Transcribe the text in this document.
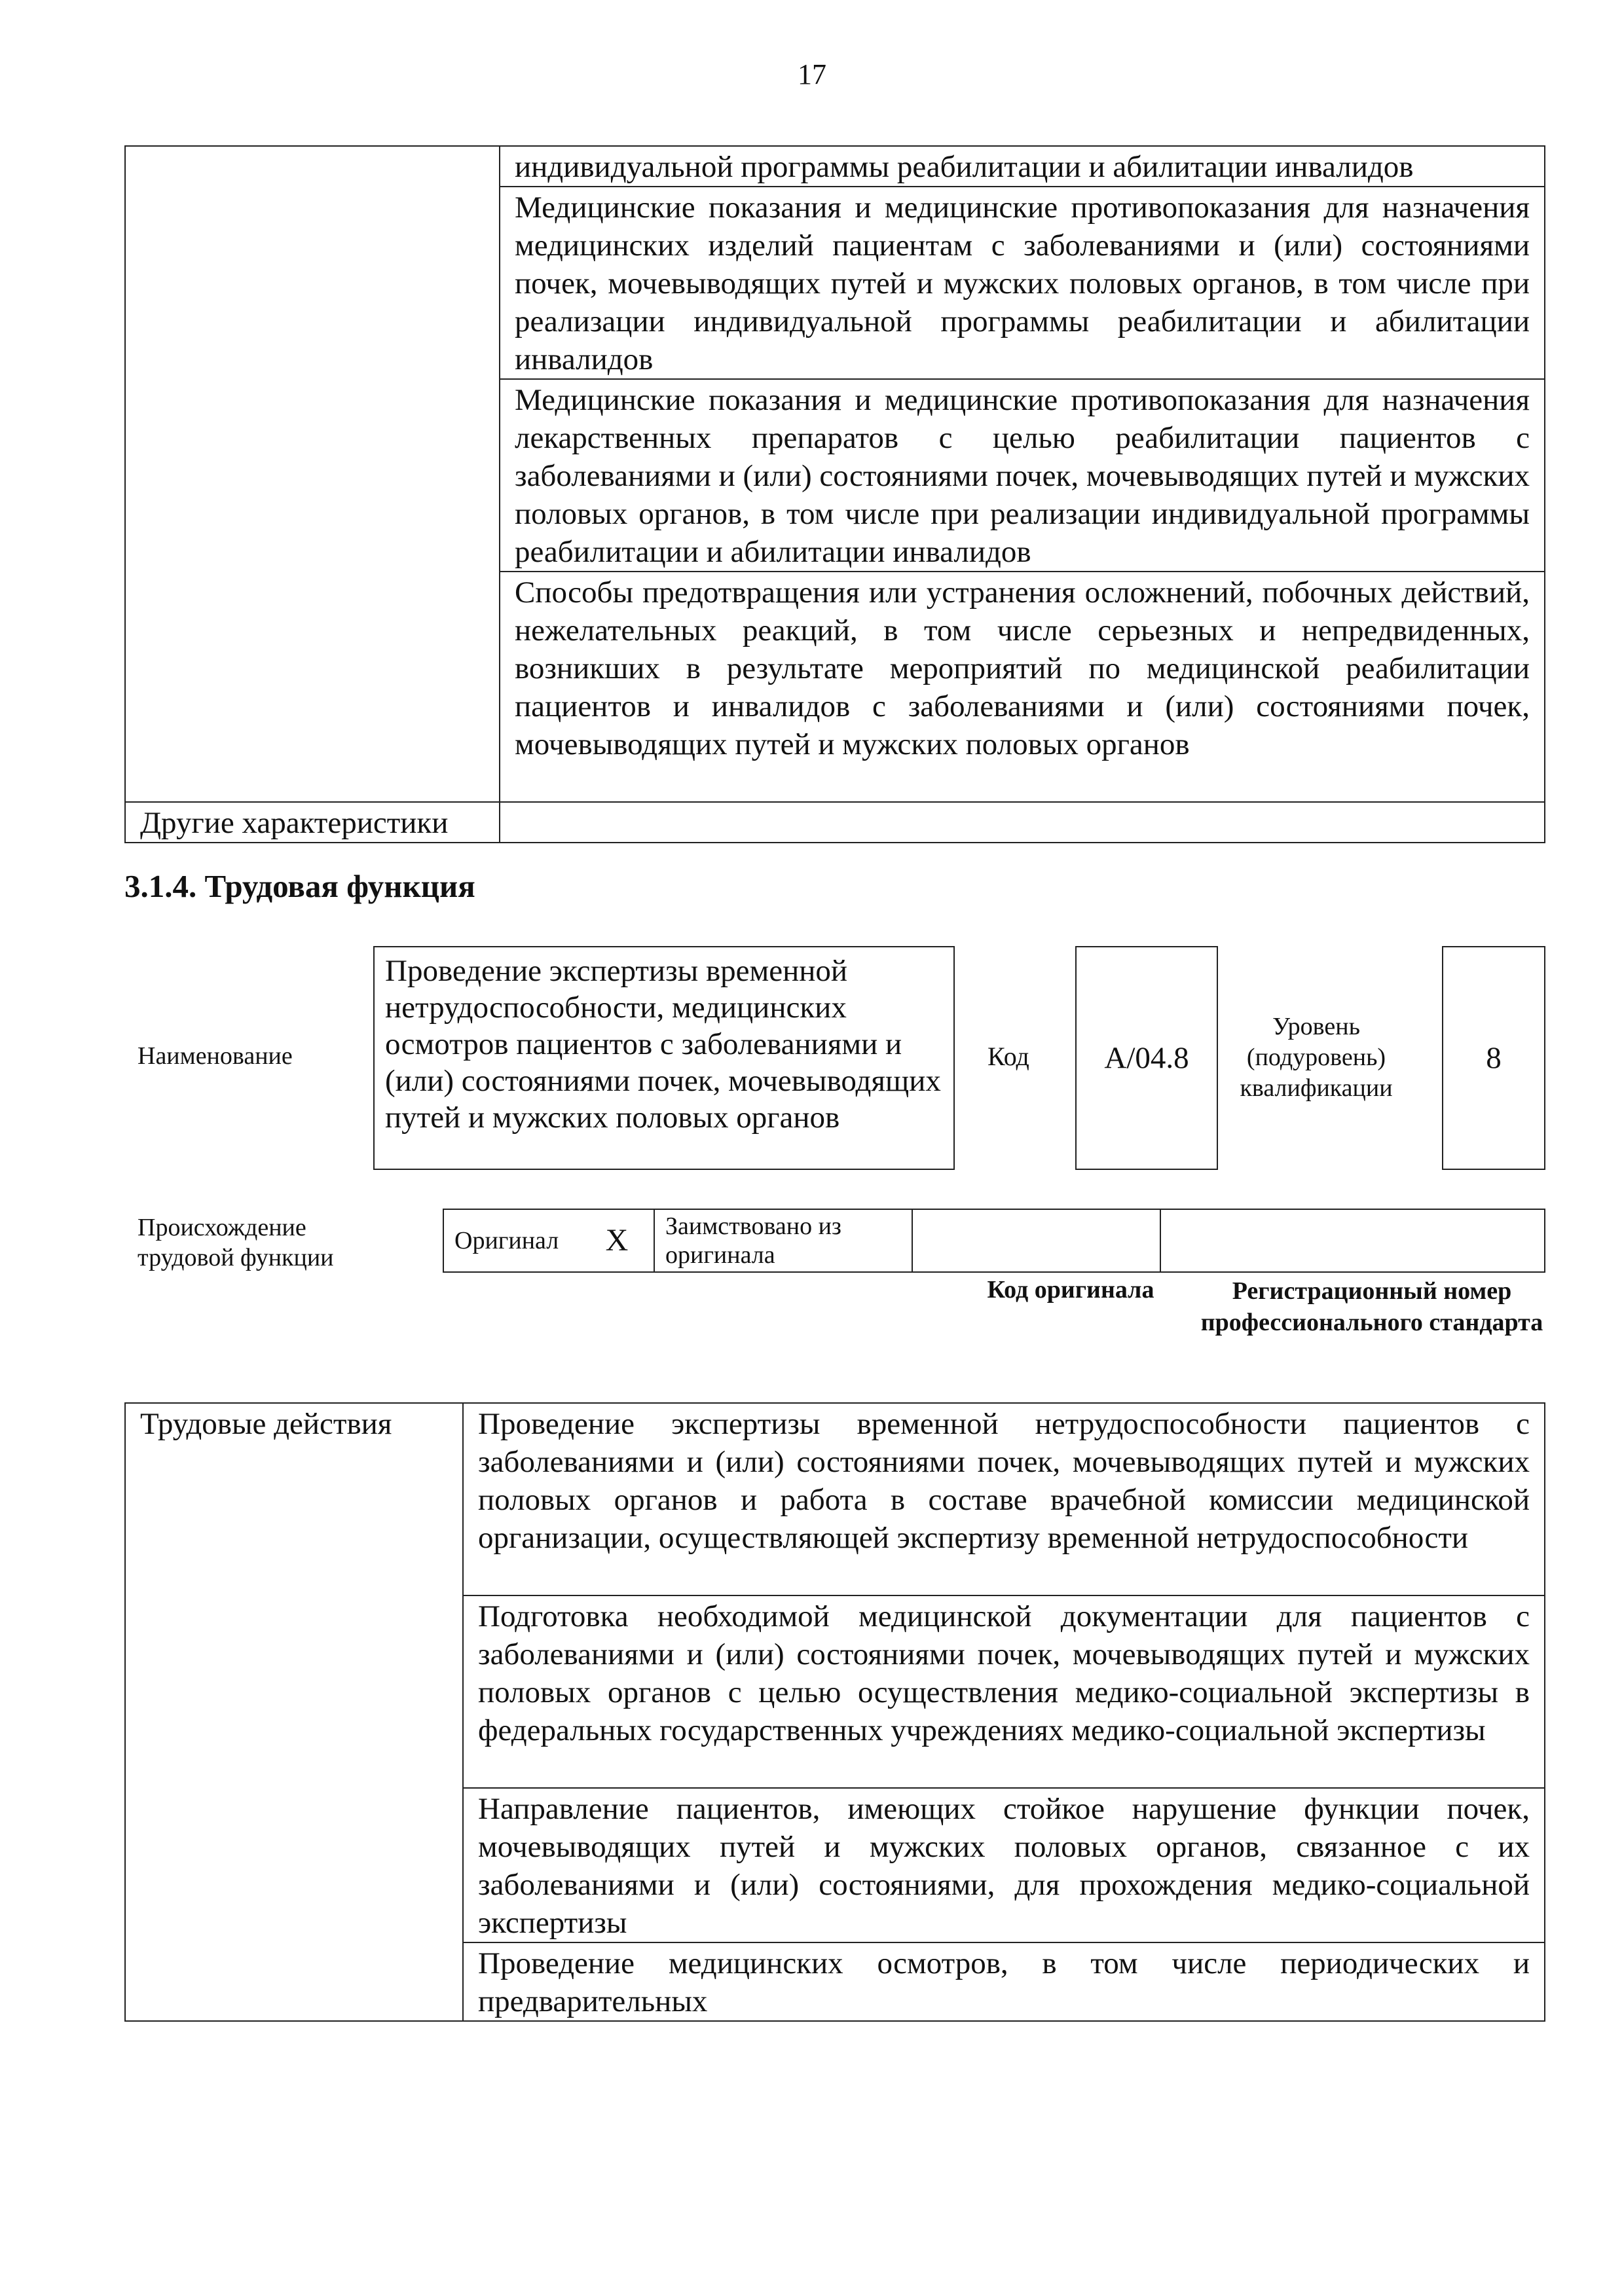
17
	индивидуальной программы реабилитации и абилитации инвалидов
	Медицинские показания и медицинские противопоказания для назначения медицинских изделий пациентам с заболеваниями и (или) состояниями почек, мочевыводящих путей и мужских половых органов, в том числе при реализации индивидуальной программы реабилитации и абилитации инвалидов
	Медицинские показания и медицинские противопоказания для назначения лекарственных препаратов с целью реабилитации пациентов с заболеваниями и (или) состояниями почек, мочевыводящих путей и мужских половых органов, в том числе при реализации индивидуальной программы реабилитации и абилитации инвалидов
	Способы предотвращения или устранения осложнений, побочных действий, нежелательных реакций, в том числе серьезных и непредвиденных, возникших в результате мероприятий по медицинской реабилитации пациентов и инвалидов с заболеваниями и (или) состояниями почек, мочевыводящих путей и мужских половых органов
Другие характеристики	
3.1.4. Трудовая функция
Наименование
Проведение экспертизы временной нетрудоспособности, медицинских осмотров пациентов с заболеваниями и (или) состояниями почек, мочевыводящих путей и мужских половых органов
Код	A/04.8
Уровень (подуровень) квалификации
8
Происхождение трудовой функции
Оригинал	X	Заимствовано из оригинала		
Код оригинала	Регистрационный номер профессионального стандарта
Трудовые действия	Проведение экспертизы временной нетрудоспособности пациентов с заболеваниями и (или) состояниями почек, мочевыводящих путей и мужских половых органов и работа в составе врачебной комиссии медицинской организации, осуществляющей экспертизу временной нетрудоспособности
Подготовка необходимой медицинской документации для пациентов с заболеваниями и (или) состояниями почек, мочевыводящих путей и мужских половых органов с целью осуществления медико-социальной экспертизы в федеральных государственных учреждениях медико-социальной экспертизы
Направление пациентов, имеющих стойкое нарушение функции почек, мочевыводящих путей и мужских половых органов, связанное с их заболеваниями и (или) состояниями, для прохождения медико-социальной экспертизы
Проведение медицинских осмотров, в том числе периодических и предварительных
